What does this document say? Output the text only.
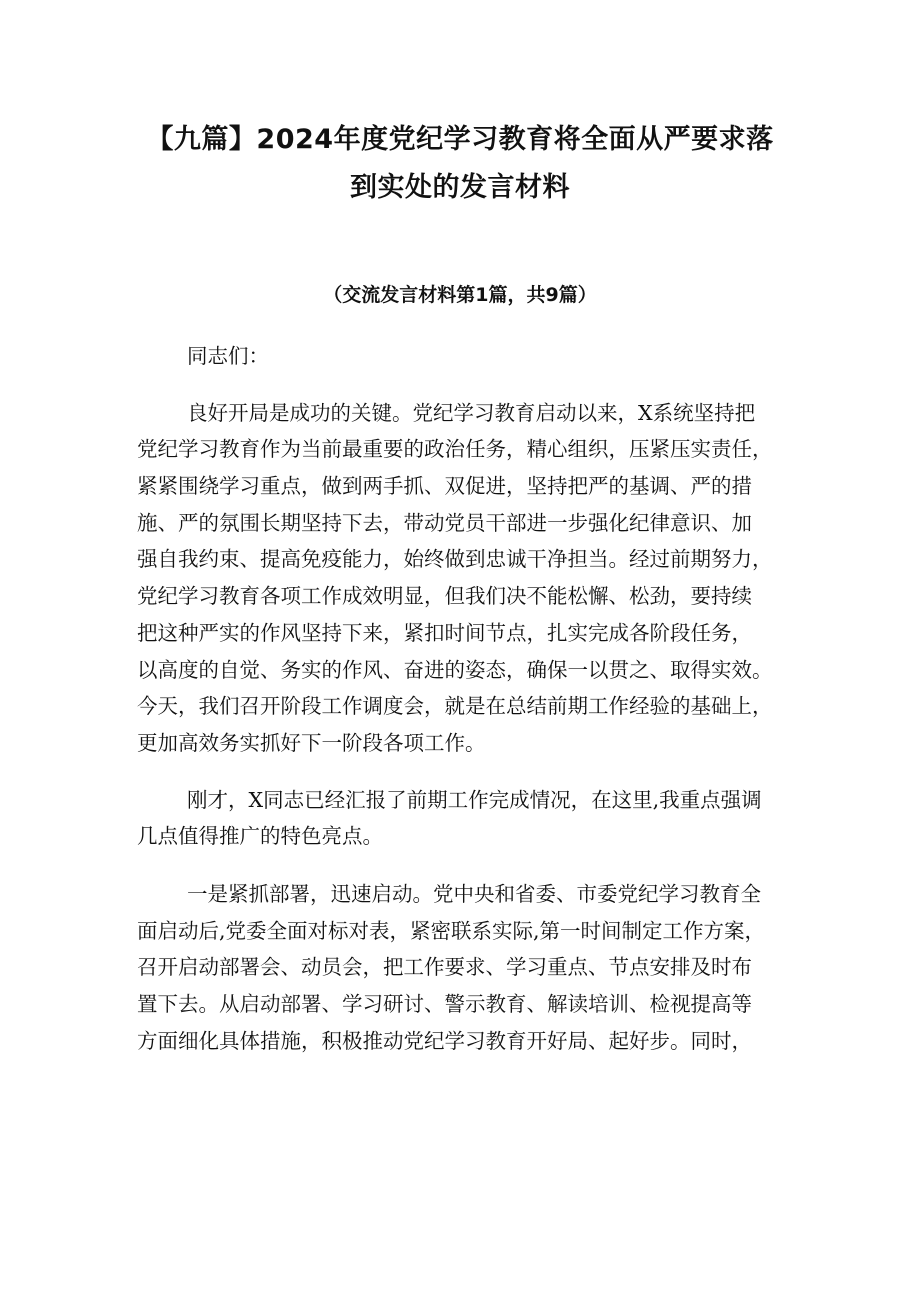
【九篇】2024年度党纪学习教育将全面从严要求落
到实处的发言材料
（交流发言材料第1篇，共9篇）
同志们：
良好开局是成功的关键。党纪学习教育启动以来，X系统坚持把
党纪学习教育作为当前最重要的政治任务，精心组织，压紧压实责任，
紧紧围绕学习重点，做到两手抓、双促进，坚持把严的基调、严的措
施、严的氛围长期坚持下去，带动党员干部进一步强化纪律意识、加
强自我约束、提高免疫能力，始终做到忠诚干净担当。经过前期努力，
党纪学习教育各项工作成效明显，但我们决不能松懈、松劲，要持续
把这种严实的作风坚持下来，紧扣时间节点，扎实完成各阶段任务，
以高度的自觉、务实的作风、奋进的姿态，确保一以贯之、取得实效。
今天，我们召开阶段工作调度会，就是在总结前期工作经验的基础上，
更加高效务实抓好下一阶段各项工作。
刚才，X同志已经汇报了前期工作完成情况，在这里,我重点强调
几点值得推广的特色亮点。
一是紧抓部署，迅速启动。党中央和省委、市委党纪学习教育全
面启动后,党委全面对标对表，紧密联系实际,第一时间制定工作方案，
召开启动部署会、动员会，把工作要求、学习重点、节点安排及时布
置下去。从启动部署、学习研讨、警示教育、解读培训、检视提高等
方面细化具体措施，积极推动党纪学习教育开好局、起好步。同时，
